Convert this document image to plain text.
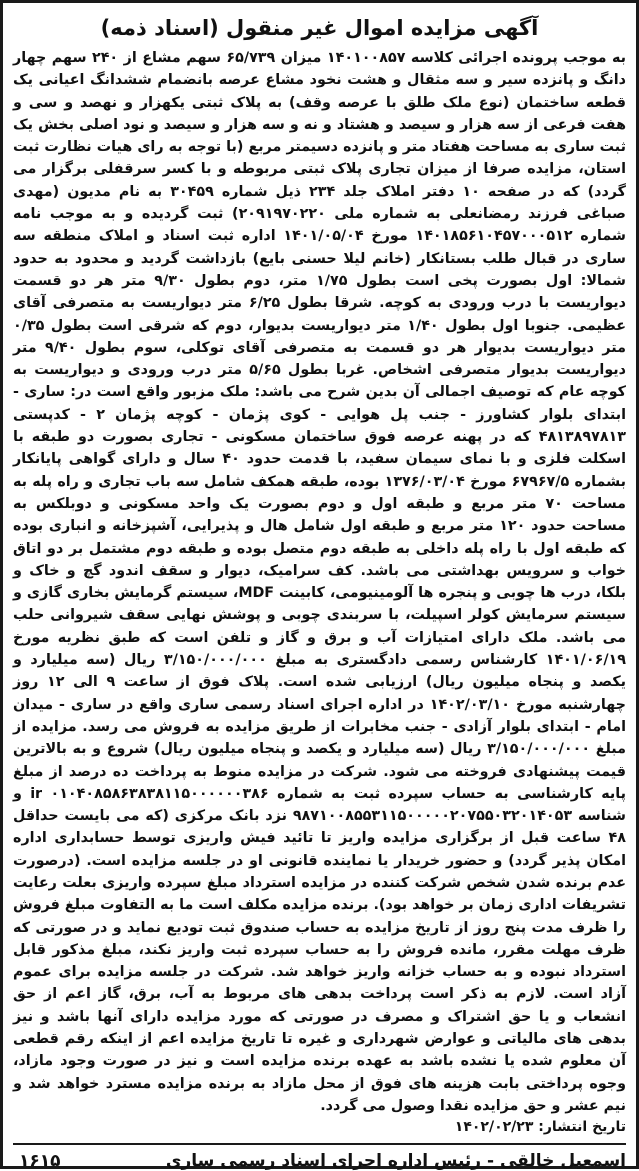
آگهی مزایده اموال غیر منقول (اسناد ذمه)

به موجب پرونده اجرائی کلاسه ۱۴۰۱۰۰۸۵۷ میزان ۶۵/۷۳۹ سهم مشاع از ۲۴۰ سهم چهار دانگ و پانزده سیر و سه مثقال و هشت نخود مشاع عرصه بانضمام ششدانگ اعیانی یک قطعه ساختمان (نوع ملک طلق با عرصه وقف) به پلاک ثبتی یکهزار و نهصد و سی و هفت فرعی از سه هزار و سیصد و هشتاد و نه و سه هزار و سیصد و نود اصلی بخش یک ثبت ساری به مساحت هفتاد متر و پانزده دسیمتر مربع (با توجه به رای هیات نظارت ثبت استان، مزایده صرفا از میزان تجاری پلاک ثبتی مربوطه و با کسر سرقفلی برگزار می گردد) که در صفحه ۱۰ دفتر املاک جلد ۲۳۴ ذیل شماره ۳۰۴۵۹ به نام مدیون (مهدی صباغی فرزند رمضانعلی به شماره ملی ۲۰۹۱۹۷۰۲۲۰) ثبت گردیده و به موجب نامه شماره ۱۴۰۱۸۵۶۱۰۴۵۷۰۰۰۵۱۲ مورخ ۱۴۰۱/۰۵/۰۴ اداره ثبت اسناد و املاک منطقه سه ساری در قبال طلب بستانکار (خانم لیلا حسنی بایع) بازداشت گردید و محدود به حدود شمالا: اول بصورت پخی است بطول ۱/۷۵ متر، دوم بطول ۹/۳۰ متر هر دو قسمت دیواریست با درب ورودی به کوچه. شرقا بطول ۶/۲۵ متر دیواریست به متصرفی آقای عظیمی. جنوبا اول بطول ۱/۴۰ متر دیواریست بدیوار، دوم که شرقی است بطول ۰/۳۵ متر دیواریست بدیوار هر دو قسمت به متصرفی آقای توکلی، سوم بطول ۹/۴۰ متر دیواریست بدیوار متصرفی اشخاص. غربا بطول ۵/۶۵ متر درب ورودی و دیواریست به کوچه عام که توصیف اجمالی آن بدین شرح می باشد: ملک مزبور واقع است در: ساری - ابتدای بلوار کشاورز - جنب پل هوایی - کوی پژمان - کوچه پژمان ۲ - کدپستی ۴۸۱۳۸۹۷۸۱۳ که در پهنه عرصه فوق ساختمان مسکونی - تجاری بصورت دو طبقه با اسکلت فلزی و با نمای سیمان سفید، با قدمت حدود ۴۰ سال و دارای گواهی پایانکار بشماره ۶۷۹۶۷/۵ مورخ ۱۳۷۶/۰۳/۰۴ بوده، طبقه همکف شامل سه باب تجاری و راه پله به مساحت ۷۰ متر مربع و طبقه اول و دوم بصورت یک واحد مسکونی و دوبلکس به مساحت حدود ۱۲۰ متر مربع و طبقه اول شامل هال و پذیرایی، آشپزخانه و انباری بوده که طبقه اول با راه پله داخلی به طبقه دوم متصل بوده و طبقه دوم مشتمل بر دو اتاق خواب و سرویس بهداشتی می باشد. کف سرامیک، دیوار و سقف اندود گچ و خاک و بلکا، درب ها چوبی و پنجره ها آلومینیومی، کابینت MDF، سیستم گرمایش بخاری گازی و سیستم سرمایش کولر اسپیلت، با سربندی چوبی و پوشش نهایی سقف شیروانی حلب می باشد. ملک دارای امتیازات آب و برق و گاز و تلفن است که طبق نظریه مورخ ۱۴۰۱/۰۶/۱۹ کارشناس رسمی دادگستری به مبلغ ۳/۱۵۰/۰۰۰/۰۰۰ ریال (سه میلیارد و یکصد و پنجاه میلیون ریال) ارزیابی شده است. پلاک فوق از ساعت ۹ الی ۱۲ روز چهارشنبه مورخ ۱۴۰۲/۰۳/۱۰ در اداره اجرای اسناد رسمی ساری واقع در ساری - میدان امام - ابتدای بلوار آزادی - جنب مخابرات از طریق مزایده به فروش می رسد. مزایده از مبلغ ۳/۱۵۰/۰۰۰/۰۰۰ ریال (سه میلیارد و یکصد و پنجاه میلیون ریال) شروع و به بالاترین قیمت پیشنهادی فروخته می شود. شرکت در مزایده منوط به پرداخت ده درصد از مبلغ پایه کارشناسی به حساب سپرده ثبت به شماره ۰۱۰۴۰۸۵۸۶۳۸۳۸۱۱۵۰۰۰۰۰۰۳۸۶ ir و شناسه ۹۸۷۱۰۰۸۵۵۳۱۱۵۰۰۰۰۰۲۰۷۵۵۰۳۲۰۱۴۰۵۳ نزد بانک مرکزی (که می بایست حداقل ۴۸ ساعت قبل از برگزاری مزایده واریز تا تائید فیش واریزی توسط حسابداری اداره امکان پذیر گردد) و حضور خریدار یا نماینده قانونی او در جلسه مزایده است. (درصورت عدم برنده شدن شخص شرکت کننده در مزایده استرداد مبلغ سپرده واریزی بعلت رعایت تشریفات اداری زمان بر خواهد بود). برنده مزایده مکلف است ما به التفاوت مبلغ فروش را ظرف مدت پنج روز از تاریخ مزایده به حساب صندوق ثبت تودیع نماید و در صورتی که ظرف مهلت مقرر، مانده فروش را به حساب سپرده ثبت واریز نکند، مبلغ مذکور قابل استرداد نبوده و به حساب خزانه واریز خواهد شد. شرکت در جلسه مزایده برای عموم آزاد است. لازم به ذکر است پرداخت بدهی های مربوط به آب، برق، گاز اعم از حق انشعاب و یا حق اشتراک و مصرف در صورتی که مورد مزایده دارای آنها باشد و نیز بدهی های مالیاتی و عوارض شهرداری و غیره تا تاریخ مزایده اعم از اینکه رقم قطعی آن معلوم شده یا نشده باشد به عهده برنده مزایده است و نیز در صورت وجود مازاد، وجوه پرداختی بابت هزینه های فوق از محل مازاد به برنده مزایده مسترد خواهد شد و نیم عشر و حق مزایده نقدا وصول می گردد.

تاریخ انتشار: ۱۴۰۲/۰۲/۲۳
۱۶۱۵	اسمعیل خالقی - رئیس اداره اجرای اسناد رسمی ساری
